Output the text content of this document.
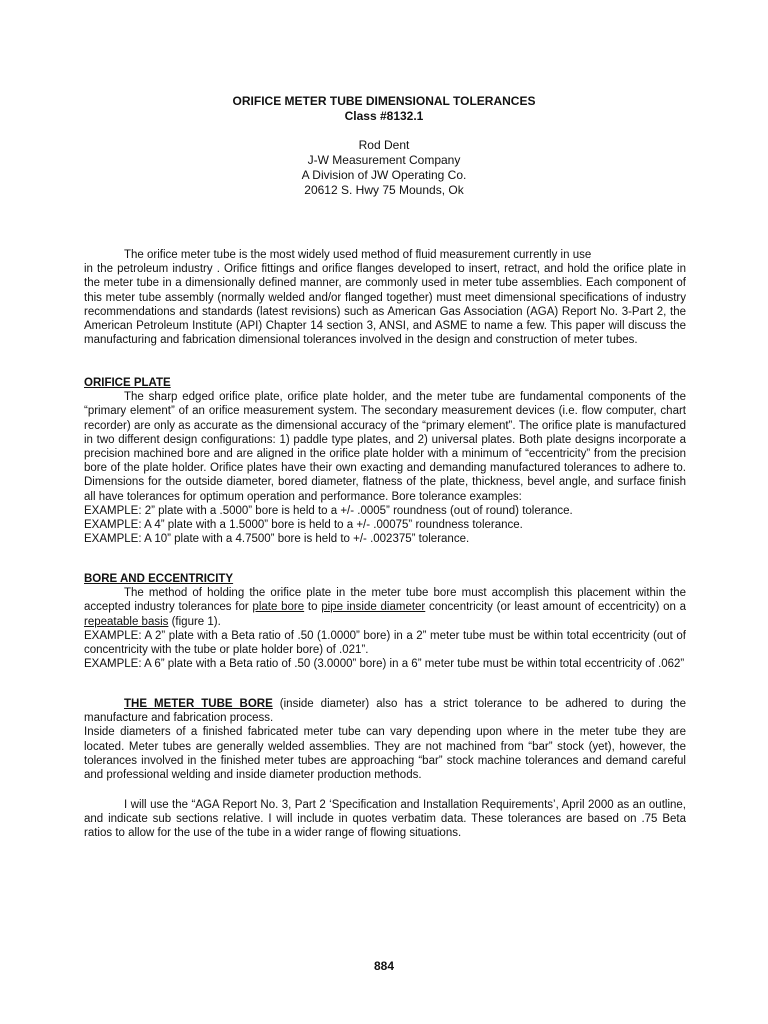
ORIFICE METER TUBE DIMENSIONAL TOLERANCES
Class #8132.1
Rod Dent
J-W Measurement Company
A Division of JW Operating Co.
20612 S. Hwy 75 Mounds, Ok

The orifice meter tube is the most widely used method of fluid measurement currently in use

in the petroleum industry . Orifice fittings and orifice flanges developed to insert, retract, and hold the orifice plate in the meter tube in a dimensionally defined manner, are commonly used in meter tube assemblies. Each component of this meter tube assembly (normally welded and/or flanged together) must meet dimensional specifications of industry recommendations and standards (latest revisions) such as American Gas Association (AGA) Report No. 3-Part 2, the American Petroleum Institute (API) Chapter 14 section 3, ANSI, and ASME to name a few. This paper will discuss the manufacturing and fabrication dimensional tolerances involved in the design and construction of meter tubes.

ORIFICE PLATE

The sharp edged orifice plate, orifice plate holder, and the meter tube are fundamental components of the “primary element” of an orifice measurement system. The secondary measurement devices (i.e. flow computer, chart recorder) are only as accurate as the dimensional accuracy of the “primary element”. The orifice plate is manufactured in two different design configurations: 1) paddle type plates, and 2) universal plates. Both plate designs incorporate a precision machined bore and are aligned in the orifice plate holder with a minimum of “eccentricity” from the precision bore of the plate holder. Orifice plates have their own exacting and demanding manufactured tolerances to adhere to. Dimensions for the outside diameter, bored diameter, flatness of the plate, thickness, bevel angle, and surface finish all have tolerances for optimum operation and performance. Bore tolerance examples:

EXAMPLE: 2” plate with a .5000” bore is held to a +/- .0005” roundness (out of round) tolerance.

EXAMPLE: A 4” plate with a 1.5000” bore is held to a +/- .00075” roundness tolerance.

EXAMPLE: A 10” plate with a 4.7500” bore is held to +/- .002375” tolerance.

BORE AND ECCENTRICITY

The method of holding the orifice plate in the meter tube bore must accomplish this placement within the accepted industry tolerances for plate bore to pipe inside diameter concentricity (or least amount of eccentricity) on a repeatable basis (figure 1).

EXAMPLE: A 2” plate with a Beta ratio of .50 (1.0000” bore) in a 2” meter tube must be within total eccentricity (out of concentricity with the tube or plate holder bore) of .021”.

EXAMPLE: A 6” plate with a Beta ratio of .50 (3.0000” bore) in a 6” meter tube must be within total eccentricity of .062”

THE METER TUBE BORE (inside diameter) also has a strict tolerance to be adhered to during the manufacture and fabrication process.

Inside diameters of a finished fabricated meter tube can vary depending upon where in the meter tube they are located. Meter tubes are generally welded assemblies. They are not machined from “bar” stock (yet), however, the tolerances involved in the finished meter tubes are approaching “bar” stock machine tolerances and demand careful and professional welding and inside diameter production methods.

I will use the “AGA Report No. 3, Part 2 ‘Specification and Installation Requirements’, April 2000 as an outline, and indicate sub sections relative. I will include in quotes verbatim data. These tolerances are based on .75 Beta ratios to allow for the use of the tube in a wider range of flowing situations.

884
